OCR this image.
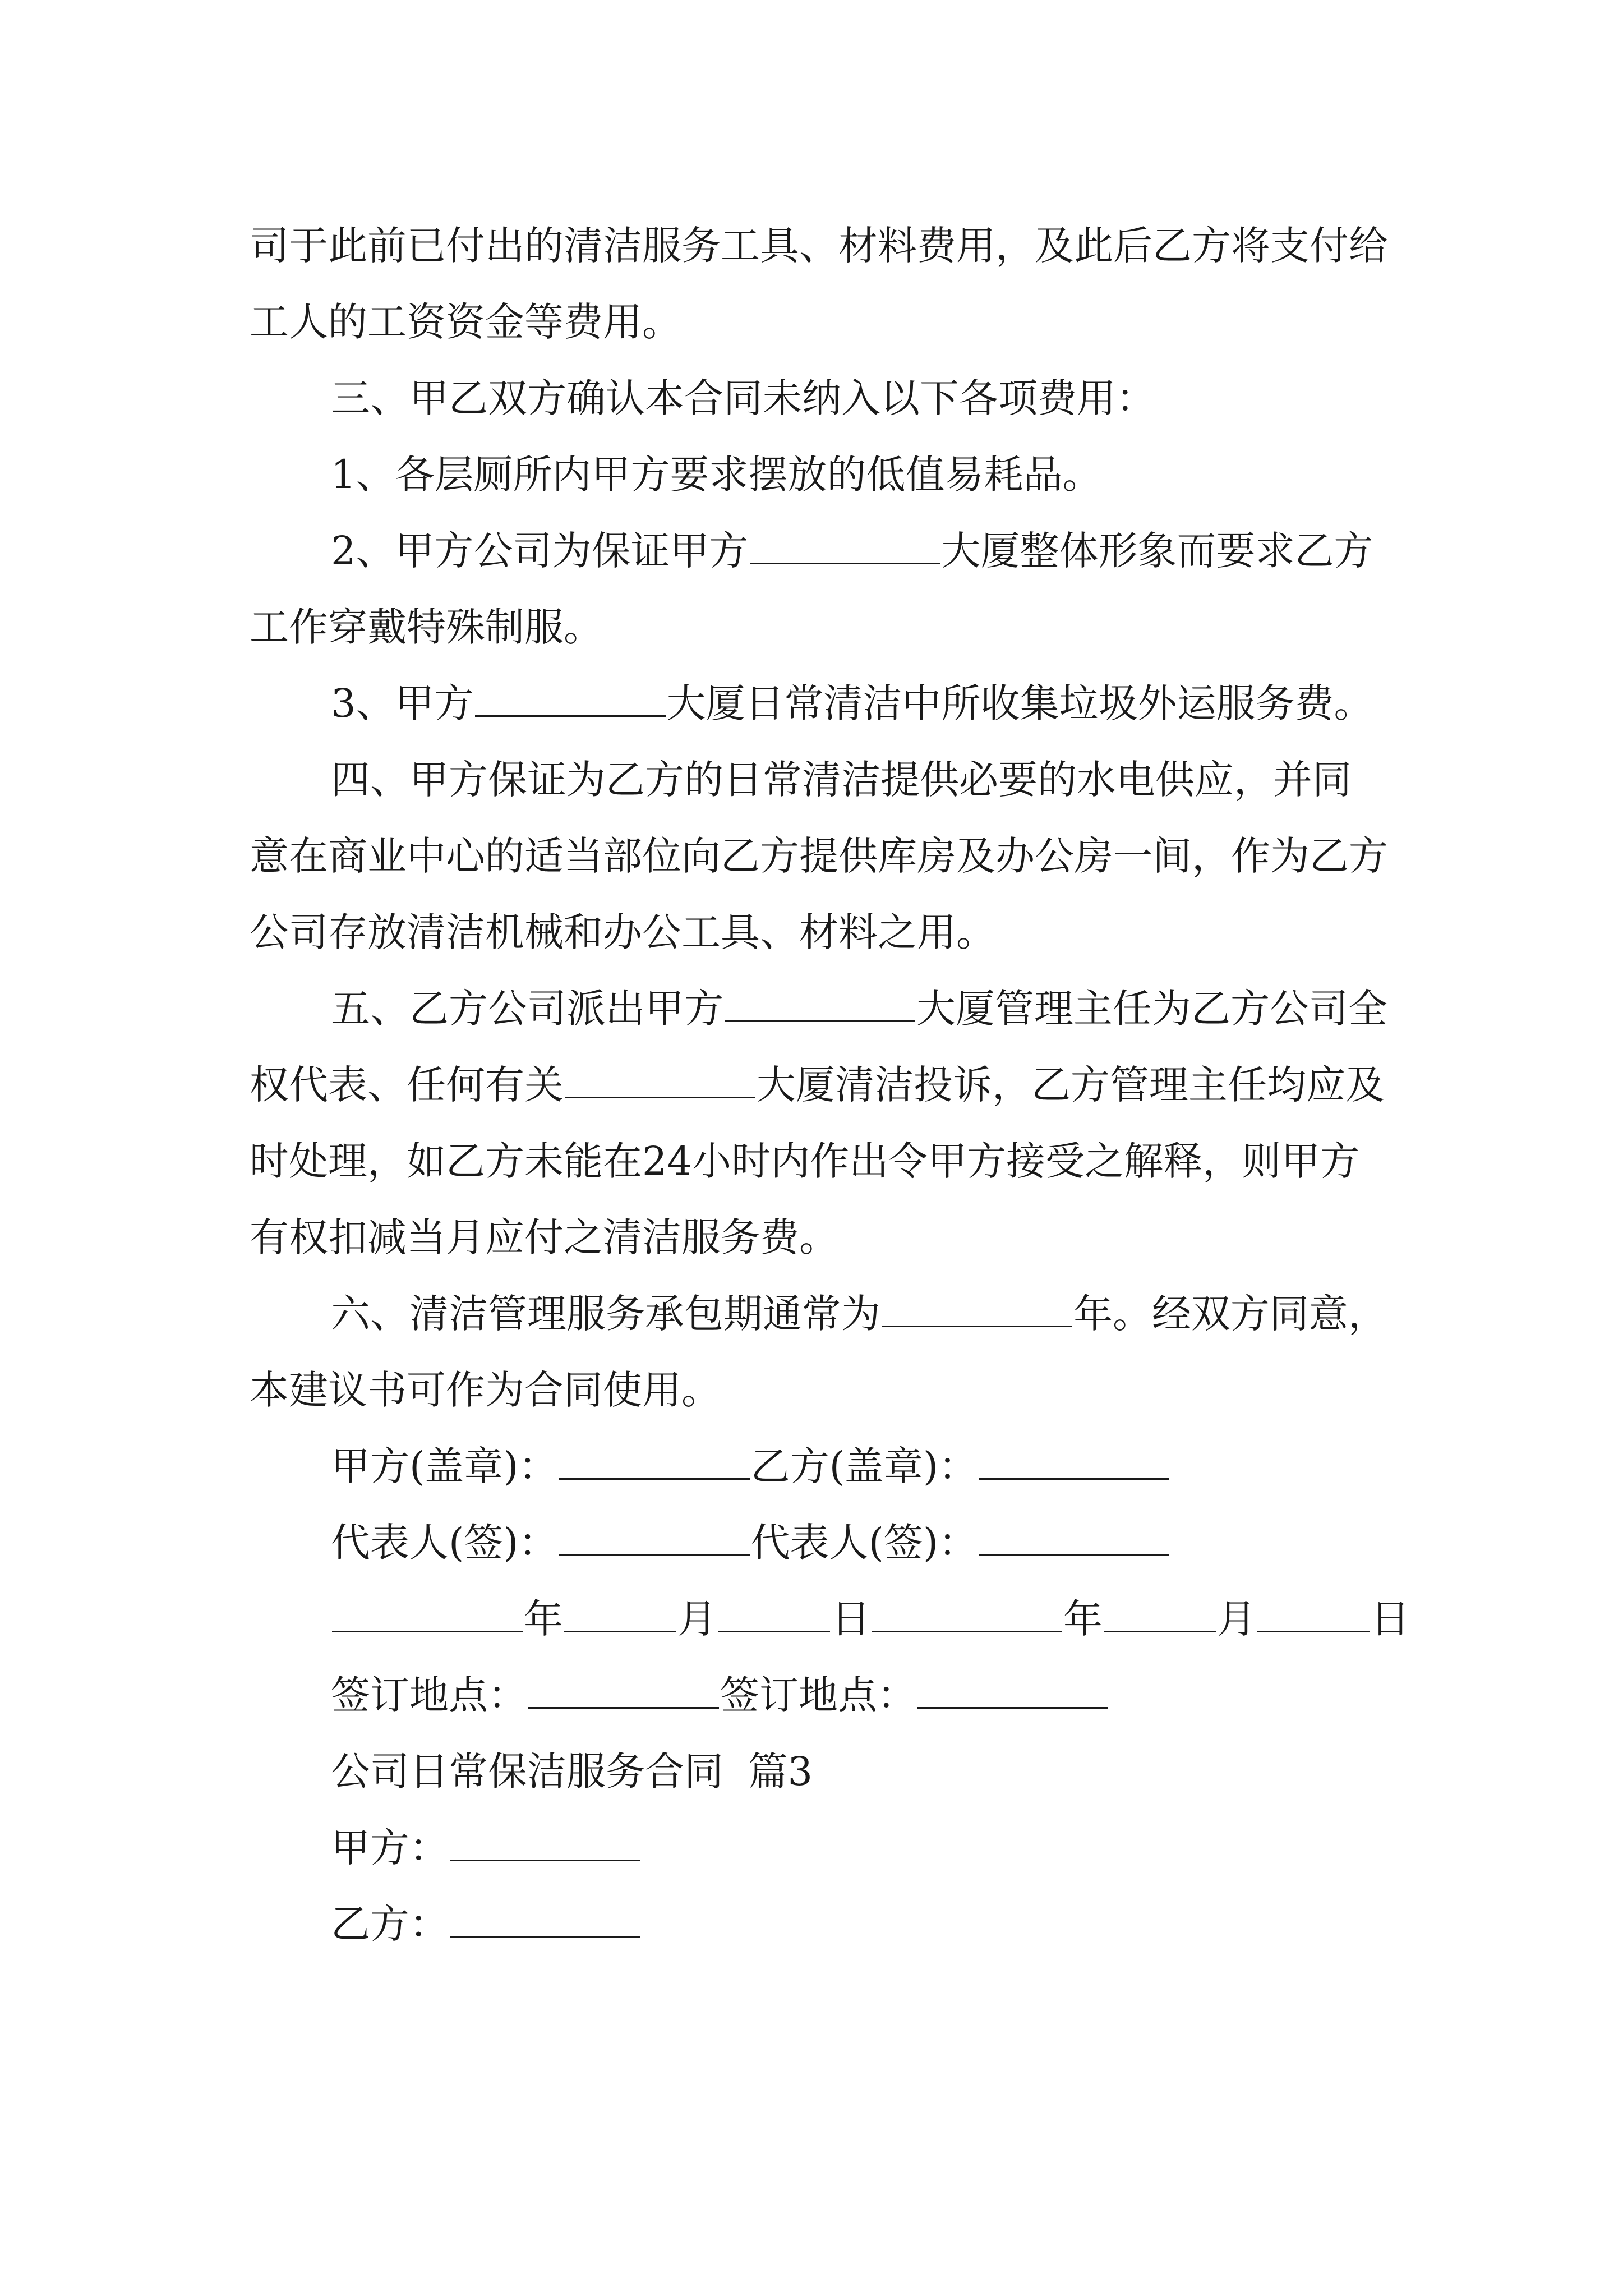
司于此前已付出的清洁服务工具、材料费用，及此后乙方将支付给工人的工资资金等费用。

三、甲乙双方确认本合同未纳入以下各项费用：

1、各层厕所内甲方要求摆放的低值易耗品。

2、甲方公司为保证甲方	大厦整体形象而要求乙方工作穿戴特殊制服。

3、甲方	大厦日常清洁中所收集垃圾外运服务费。

四、甲方保证为乙方的日常清洁提供必要的水电供应，并同意在商业中心的适当部位向乙方提供库房及办公房一间，作为乙方公司存放清洁机械和办公工具、材料之用。

五、乙方公司派出甲方	大厦管理主任为乙方公司全权代表、任何有关	大厦清洁投诉，乙方管理主任均应及时处理，如乙方未能在24小时内作出令甲方接受之解释，则甲方有权扣减当月应付之清洁服务费。

六、清洁管理服务承包期通常为	年。经双方同意，本建议书可作为合同使用。

甲方(盖章)：	乙方(盖章)：
代表人(签)：	代表人(签)：
年	月	日	年	月	日
签订地点：	签订地点：
公司日常保洁服务合同  篇3
甲方：
乙方：
